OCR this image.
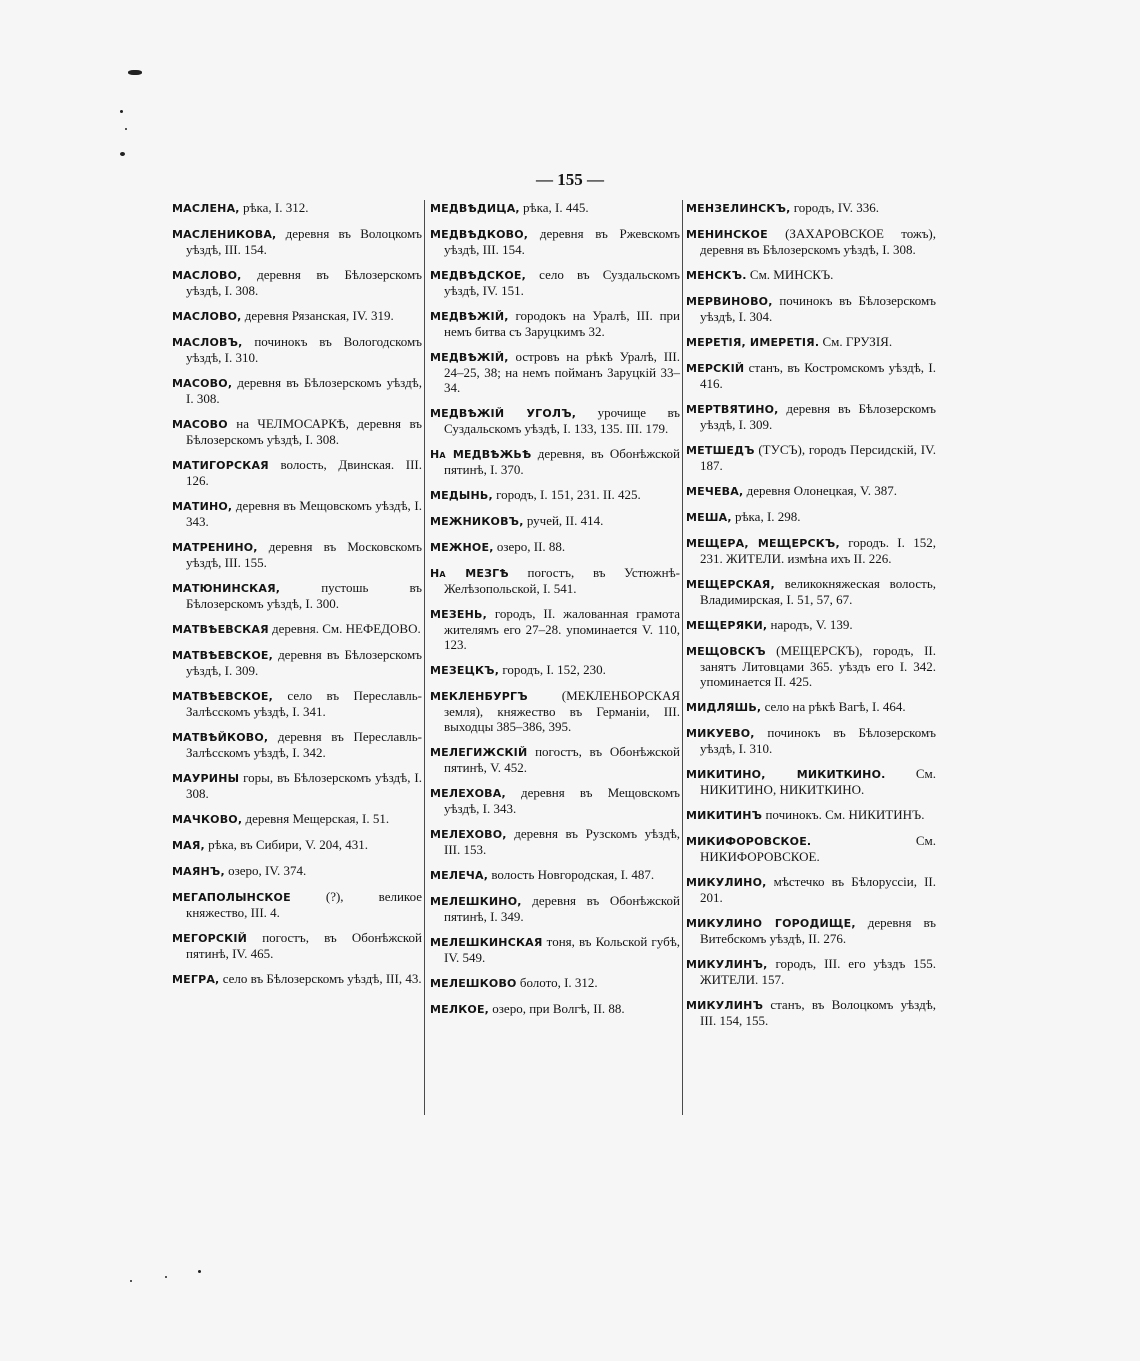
— 155 —

МАСЛЕНА, рѣка, I. 312.

МАСЛЕНИКОВА, деревня въ Волоцкомъ уѣздѣ, III. 154.

МАСЛОВО, деревня въ Бѣлозерскомъ уѣздѣ, I. 308.

МАСЛОВО, деревня Рязанская, IV. 319.

МАСЛОВЪ, починокъ въ Вологодскомъ уѣздѣ, I. 310.

МАСОВО, деревня въ Бѣлозерскомъ уѣздѣ, I. 308.

МАСОВО на ЧЕЛМОСАРКѢ, деревня въ Бѣлозерскомъ уѣздѣ, I. 308.

МАТИГОРСКАЯ волость, Двинская. III. 126.

МАТИНО, деревня въ Мещовскомъ уѣздѣ, I. 343.

МАТРЕНИНО, деревня въ Московскомъ уѣздѣ, III. 155.

МАТЮНИНСКАЯ, пустошь въ Бѣлозерскомъ уѣздѣ, I. 300.

МАТВѢЕВСКАЯ деревня. См. НЕФЕДОВО.

МАТВѢЕВСКОЕ, деревня въ Бѣлозерскомъ уѣздѣ, I. 309.

МАТВѢЕВСКОЕ, село въ Переславль-Залѣсскомъ уѣздѣ, I. 341.

МАТВѢЙКОВО, деревня въ Переславль-Залѣсскомъ уѣздѣ, I. 342.

МАУРИНЫ горы, въ Бѣлозерскомъ уѣздѣ, I. 308.

МАЧКОВО, деревня Мещерская, I. 51.

МАЯ, рѣка, въ Сибири, V. 204, 431.

МАЯНЪ, озеро, IV. 374.

МЕГАПОЛЫНСКОЕ (?), великое княжество, III. 4.

МЕГОРСКІЙ погостъ, въ Обонѣжской пятинѣ, IV. 465.

МЕГРА, село въ Бѣлозерскомъ уѣздѣ, III, 43.

МЕДВѢДИЦА, рѣка, I. 445.

МЕДВѢДКОВО, деревня въ Ржевскомъ уѣздѣ, III. 154.

МЕДВѢДСКОЕ, село въ Суздальскомъ уѣздѣ, IV. 151.

МЕДВѢЖІЙ, городокъ на Уралѣ, III. при немъ битва съ Заруцкимъ 32.

МЕДВѢЖІЙ, островъ на рѣкѣ Уралѣ, III. 24–25, 38; на немъ пойманъ Заруцкій 33–34.

МЕДВѢЖІЙ УГОЛЪ, урочище въ Суздальскомъ уѣздѣ, I. 133, 135. III. 179.

На МЕДВѢЖЬѢ деревня, въ Обонѣжской пятинѣ, I. 370.

МЕДЫНЬ, городъ, I. 151, 231. II. 425.

МЕЖНИКОВЪ, ручей, II. 414.

МЕЖНОЕ, озеро, II. 88.

На МЕЗГѢ погостъ, въ Устюжнѣ-Желѣзопольской, I. 541.

МЕЗЕНЬ, городъ, II. жалованная грамота жителямъ его 27–28. упоминается V. 110, 123.

МЕЗЕЦКЪ, городъ, I. 152, 230.

МЕКЛЕНБУРГЪ (МЕКЛЕНБОРСКАЯ земля), княжество въ Германіи, III. выходцы 385–386, 395.

МЕЛЕГИЖСКІЙ погостъ, въ Обонѣжской пятинѣ, V. 452.

МЕЛЕХОВА, деревня въ Мещовскомъ уѣздѣ, I. 343.

МЕЛЕХОВО, деревня въ Рузскомъ уѣздѣ, III. 153.

МЕЛЕЧА, волость Новгородская, I. 487.

МЕЛЕШКИНО, деревня въ Обонѣжской пятинѣ, I. 349.

МЕЛЕШКИНСКАЯ тоня, въ Кольской губѣ, IV. 549.

МЕЛЕШКОВО болото, I. 312.

МЕЛКОЕ, озеро, при Волгѣ, II. 88.

МЕНЗЕЛИНСКЪ, городъ, IV. 336.

МЕНИНСКОЕ (ЗАХАРОВСКОЕ тожъ), деревня въ Бѣлозерскомъ уѣздѣ, I. 308.

МЕНСКЪ. См. МИНСКЪ.

МЕРВИНОВО, починокъ въ Бѣлозерскомъ уѣздѣ, I. 304.

МЕРЕТІЯ, ИМЕРЕТІЯ. См. ГРУЗІЯ.

МЕРСКІЙ станъ, въ Костромскомъ уѣздѣ, I. 416.

МЕРТВЯТИНО, деревня въ Бѣлозерскомъ уѣздѣ, I. 309.

МЕТШЕДЪ (ТУСЪ), городъ Персидскій, IV. 187.

МЕЧЕВА, деревня Олонецкая, V. 387.

МЕША, рѣка, I. 298.

МЕЩЕРА, МЕЩЕРСКЪ, городъ. I. 152, 231. ЖИТЕЛИ. измѣна ихъ II. 226.

МЕЩЕРСКАЯ, великокняжеская волость, Владимирская, I. 51, 57, 67.

МЕЩЕРЯКИ, народъ, V. 139.

МЕЩОВСКЪ (МЕЩЕРСКЪ), городъ, II. занятъ Литовцами 365. уѣздъ его I. 342. упоминается II. 425.

МИДЛЯШЬ, село на рѣкѣ Вагѣ, I. 464.

МИКУЕВО, починокъ въ Бѣлозерскомъ уѣздѣ, I. 310.

МИКИТИНО, МИКИТКИНО. См. НИКИТИНО, НИКИТКИНО.

МИКИТИНЪ починокъ. См. НИКИТИНЪ.

МИКИФОРОВСКОЕ. См. НИКИФОРОВСКОЕ.

МИКУЛИНО, мѣстечко въ Бѣлоруссіи, II. 201.

МИКУЛИНО ГОРОДИЩЕ, деревня въ Витебскомъ уѣздѣ, II. 276.

МИКУЛИНЪ, городъ, III. его уѣздъ 155. ЖИТЕЛИ. 157.

МИКУЛИНЪ станъ, въ Волоцкомъ уѣздѣ, III. 154, 155.
